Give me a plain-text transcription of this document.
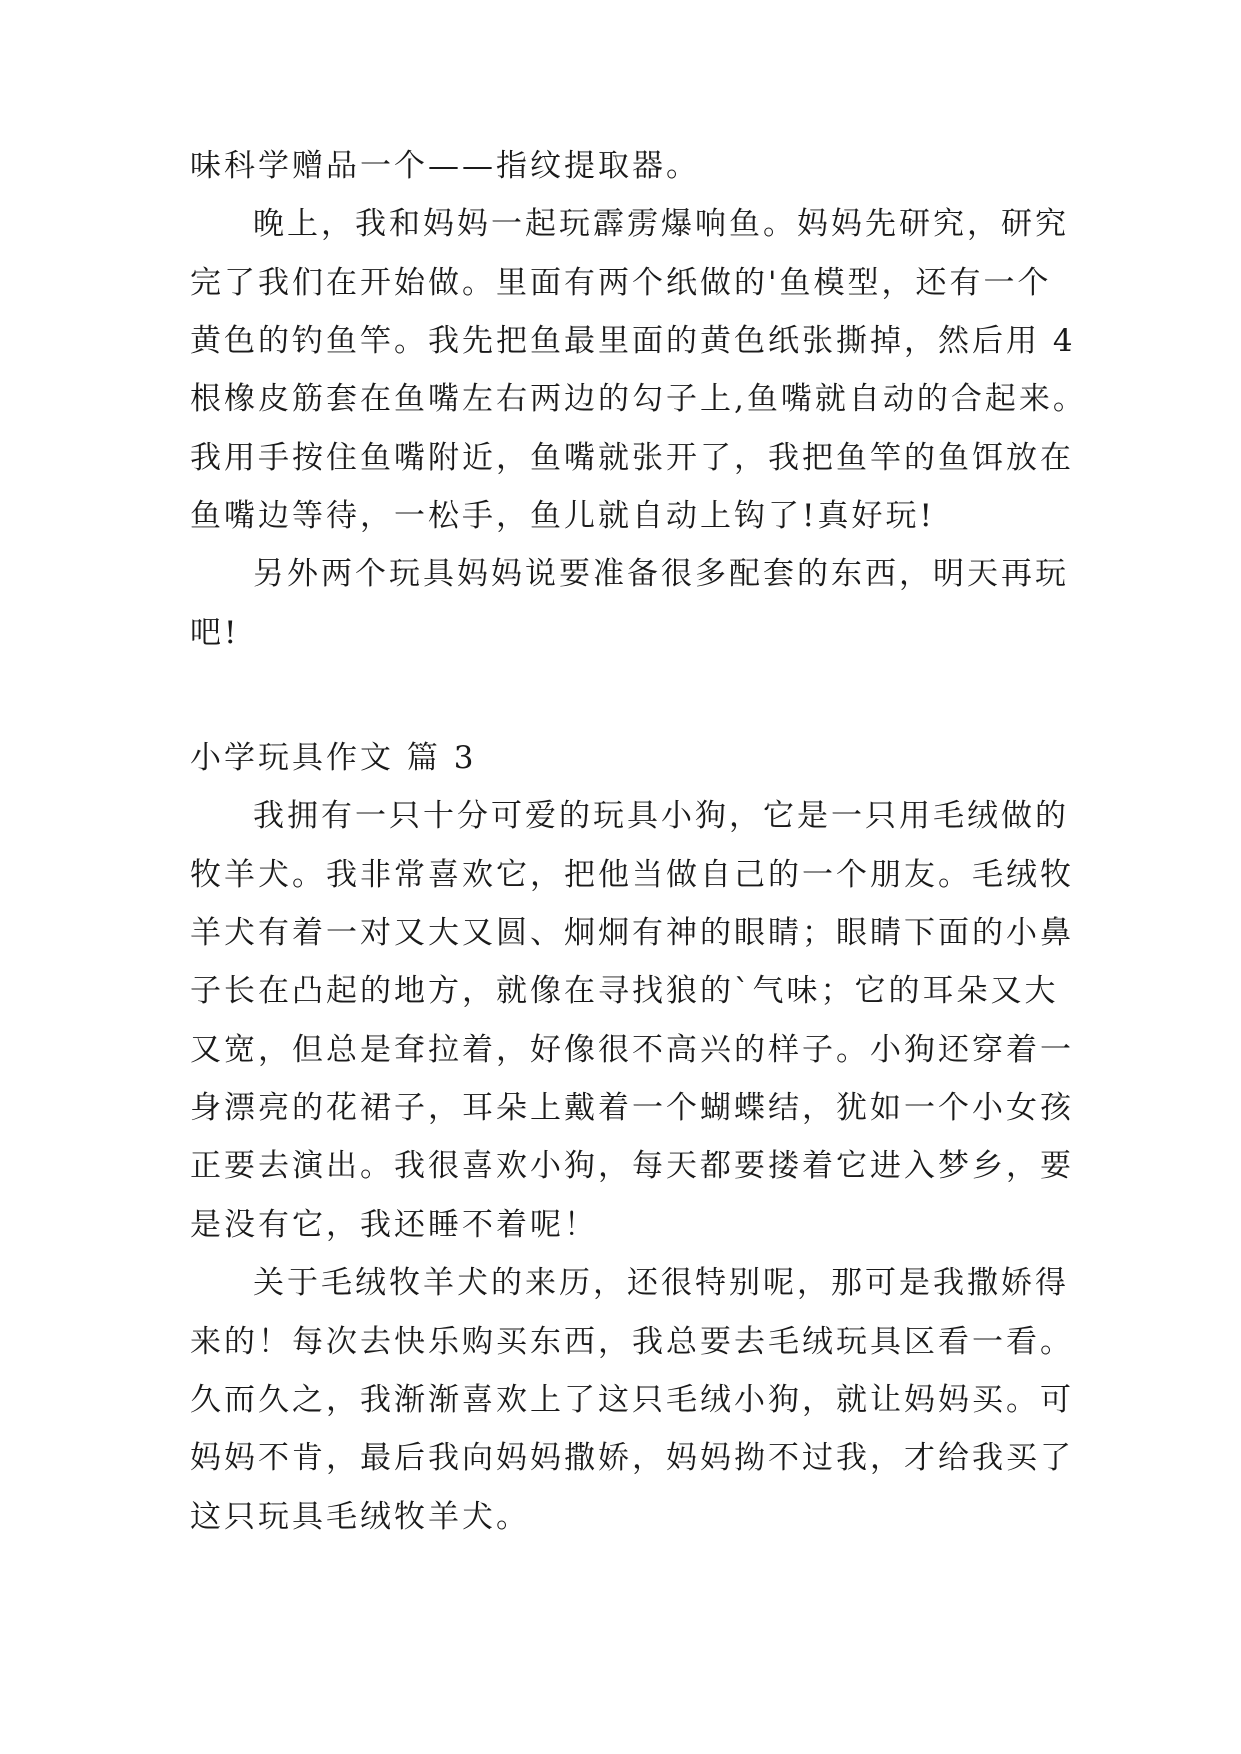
味科学赠品一个——指纹提取器。

晚上，我和妈妈一起玩霹雳爆响鱼。妈妈先研究，研究

完了我们在开始做。里面有两个纸做的'鱼模型，还有一个

黄色的钓鱼竿。我先把鱼最里面的黄色纸张撕掉，然后用 4

根橡皮筋套在鱼嘴左右两边的勾子上,鱼嘴就自动的合起来。

我用手按住鱼嘴附近，鱼嘴就张开了，我把鱼竿的鱼饵放在

鱼嘴边等待，一松手，鱼儿就自动上钩了!真好玩!

另外两个玩具妈妈说要准备很多配套的东西，明天再玩

吧!

小学玩具作文 篇 3

我拥有一只十分可爱的玩具小狗，它是一只用毛绒做的

牧羊犬。我非常喜欢它，把他当做自己的一个朋友。毛绒牧

羊犬有着一对又大又圆、炯炯有神的眼睛；眼睛下面的小鼻

子长在凸起的地方，就像在寻找狼的`气味；它的耳朵又大

又宽，但总是耷拉着，好像很不高兴的样子。小狗还穿着一

身漂亮的花裙子，耳朵上戴着一个蝴蝶结，犹如一个小女孩

正要去演出。我很喜欢小狗，每天都要搂着它进入梦乡，要

是没有它，我还睡不着呢！

关于毛绒牧羊犬的来历，还很特别呢，那可是我撒娇得

来的！每次去快乐购买东西，我总要去毛绒玩具区看一看。

久而久之，我渐渐喜欢上了这只毛绒小狗，就让妈妈买。可

妈妈不肯，最后我向妈妈撒娇，妈妈拗不过我，才给我买了

这只玩具毛绒牧羊犬。
